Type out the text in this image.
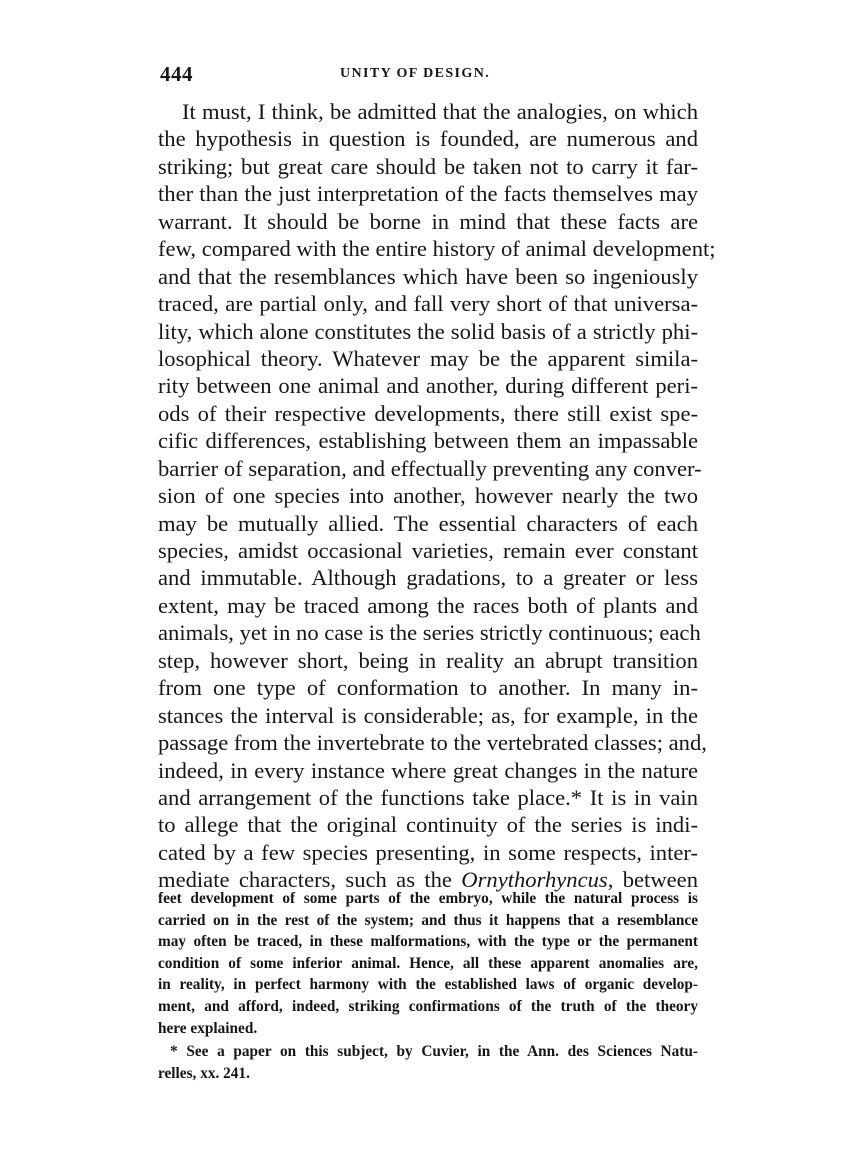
444	UNITY OF DESIGN.
It must, I think, be admitted that the analogies, on which
the hypothesis in question is founded, are numerous and
striking; but great care should be taken not to carry it far-
ther than the just interpretation of the facts themselves may
warrant. It should be borne in mind that these facts are
few, compared with the entire history of animal development;
and that the resemblances which have been so ingeniously
traced, are partial only, and fall very short of that universa-
lity, which alone constitutes the solid basis of a strictly phi-
losophical theory. Whatever may be the apparent simila-
rity between one animal and another, during different peri-
ods of their respective developments, there still exist spe-
cific differences, establishing between them an impassable
barrier of separation, and effectually preventing any conver-
sion of one species into another, however nearly the two
may be mutually allied. The essential characters of each
species, amidst occasional varieties, remain ever constant
and immutable. Although gradations, to a greater or less
extent, may be traced among the races both of plants and
animals, yet in no case is the series strictly continuous; each
step, however short, being in reality an abrupt transition
from one type of conformation to another. In many in-
stances the interval is considerable; as, for example, in the
passage from the invertebrate to the vertebrated classes; and,
indeed, in every instance where great changes in the nature
and arrangement of the functions take place.* It is in vain
to allege that the original continuity of the series is indi-
cated by a few species presenting, in some respects, inter-
mediate characters, such as the Ornythorhyncus, between
feet development of some parts of the embryo, while the natural process is
carried on in the rest of the system; and thus it happens that a resemblance
may often be traced, in these malformations, with the type or the permanent
condition of some inferior animal. Hence, all these apparent anomalies are,
in reality, in perfect harmony with the established laws of organic develop-
ment, and afford, indeed, striking confirmations of the truth of the theory
here explained.
* See a paper on this subject, by Cuvier, in the Ann. des Sciences Natu-
relles, xx. 241.
